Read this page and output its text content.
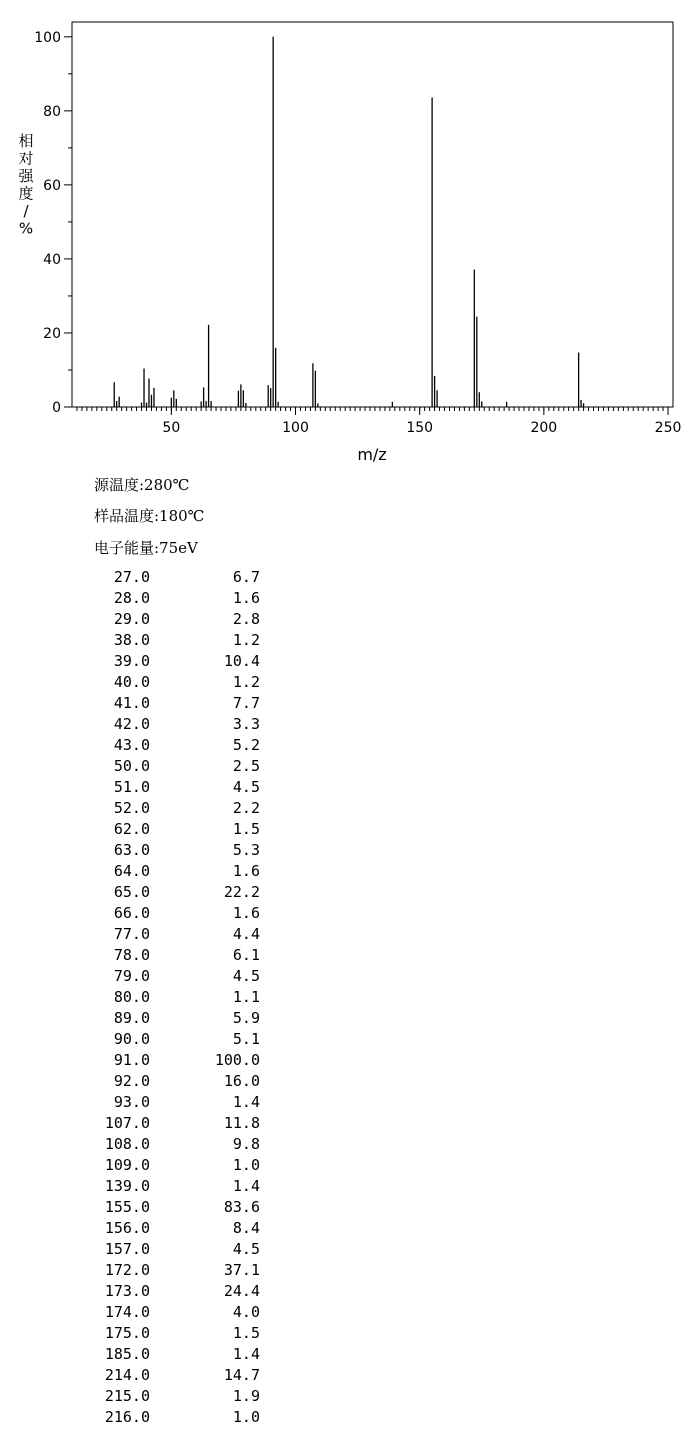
50	100	150	200	250
0
20
40
60
80
100
m/z
相对强度/ %
源温度:280℃
样品温度:180℃
电子能量:75eV
27.0	6.7
28.0	1.6
29.0	2.8
38.0	1.2
39.0	10.4
40.0	1.2
41.0	7.7
42.0	3.3
43.0	5.2
50.0	2.5
51.0	4.5
52.0	2.2
62.0	1.5
63.0	5.3
64.0	1.6
65.0	22.2
66.0	1.6
77.0	4.4
78.0	6.1
79.0	4.5
80.0	1.1
89.0	5.9
90.0	5.1
91.0	100.0
92.0	16.0
93.0	1.4
107.0	11.8
108.0	9.8
109.0	1.0
139.0	1.4
155.0	83.6
156.0	8.4
157.0	4.5
172.0	37.1
173.0	24.4
174.0	4.0
175.0	1.5
185.0	1.4
214.0	14.7
215.0	1.9
216.0	1.0
